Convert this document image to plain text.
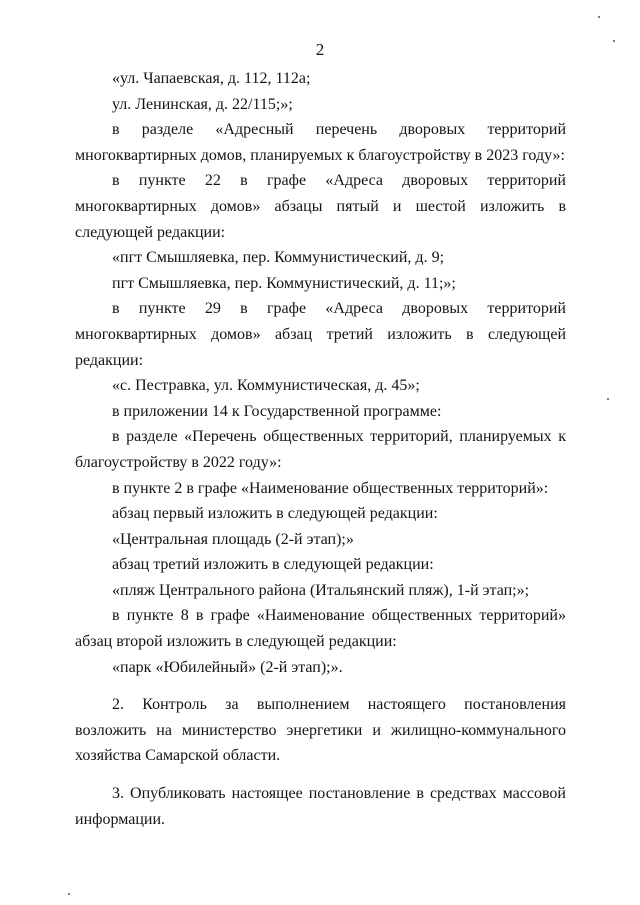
2

«ул. Чапаевская, д. 112, 112а;

ул. Ленинская, д. 22/115;»;

в разделе «Адресный перечень дворовых территорий многоквартирных домов, планируемых к благоустройству в 2023 году»:

в пункте 22 в графе «Адреса дворовых территорий многоквартирных домов» абзацы пятый и шестой изложить в следующей редакции:

«пгт Смышляевка, пер. Коммунистический, д. 9;

пгт Смышляевка, пер. Коммунистический, д. 11;»;

в пункте 29 в графе «Адреса дворовых территорий многоквартирных домов» абзац третий изложить в следующей редакции:

«с. Пестравка, ул. Коммунистическая, д. 45»;

в приложении 14 к Государственной программе:

в разделе «Перечень общественных территорий, планируемых к благоустройству в 2022 году»:

в пункте 2 в графе «Наименование общественных территорий»:

абзац первый изложить в следующей редакции:

«Центральная площадь (2-й этап);»

абзац третий изложить в следующей редакции:

«пляж Центрального района (Итальянский пляж), 1-й этап;»;

в пункте 8 в графе «Наименование общественных территорий» абзац второй изложить в следующей редакции:

«парк «Юбилейный» (2-й этап);».

2. Контроль за выполнением настоящего постановления возложить на министерство энергетики и жилищно-коммунального хозяйства Самарской области.

3. Опубликовать настоящее постановление в средствах массовой информации.
